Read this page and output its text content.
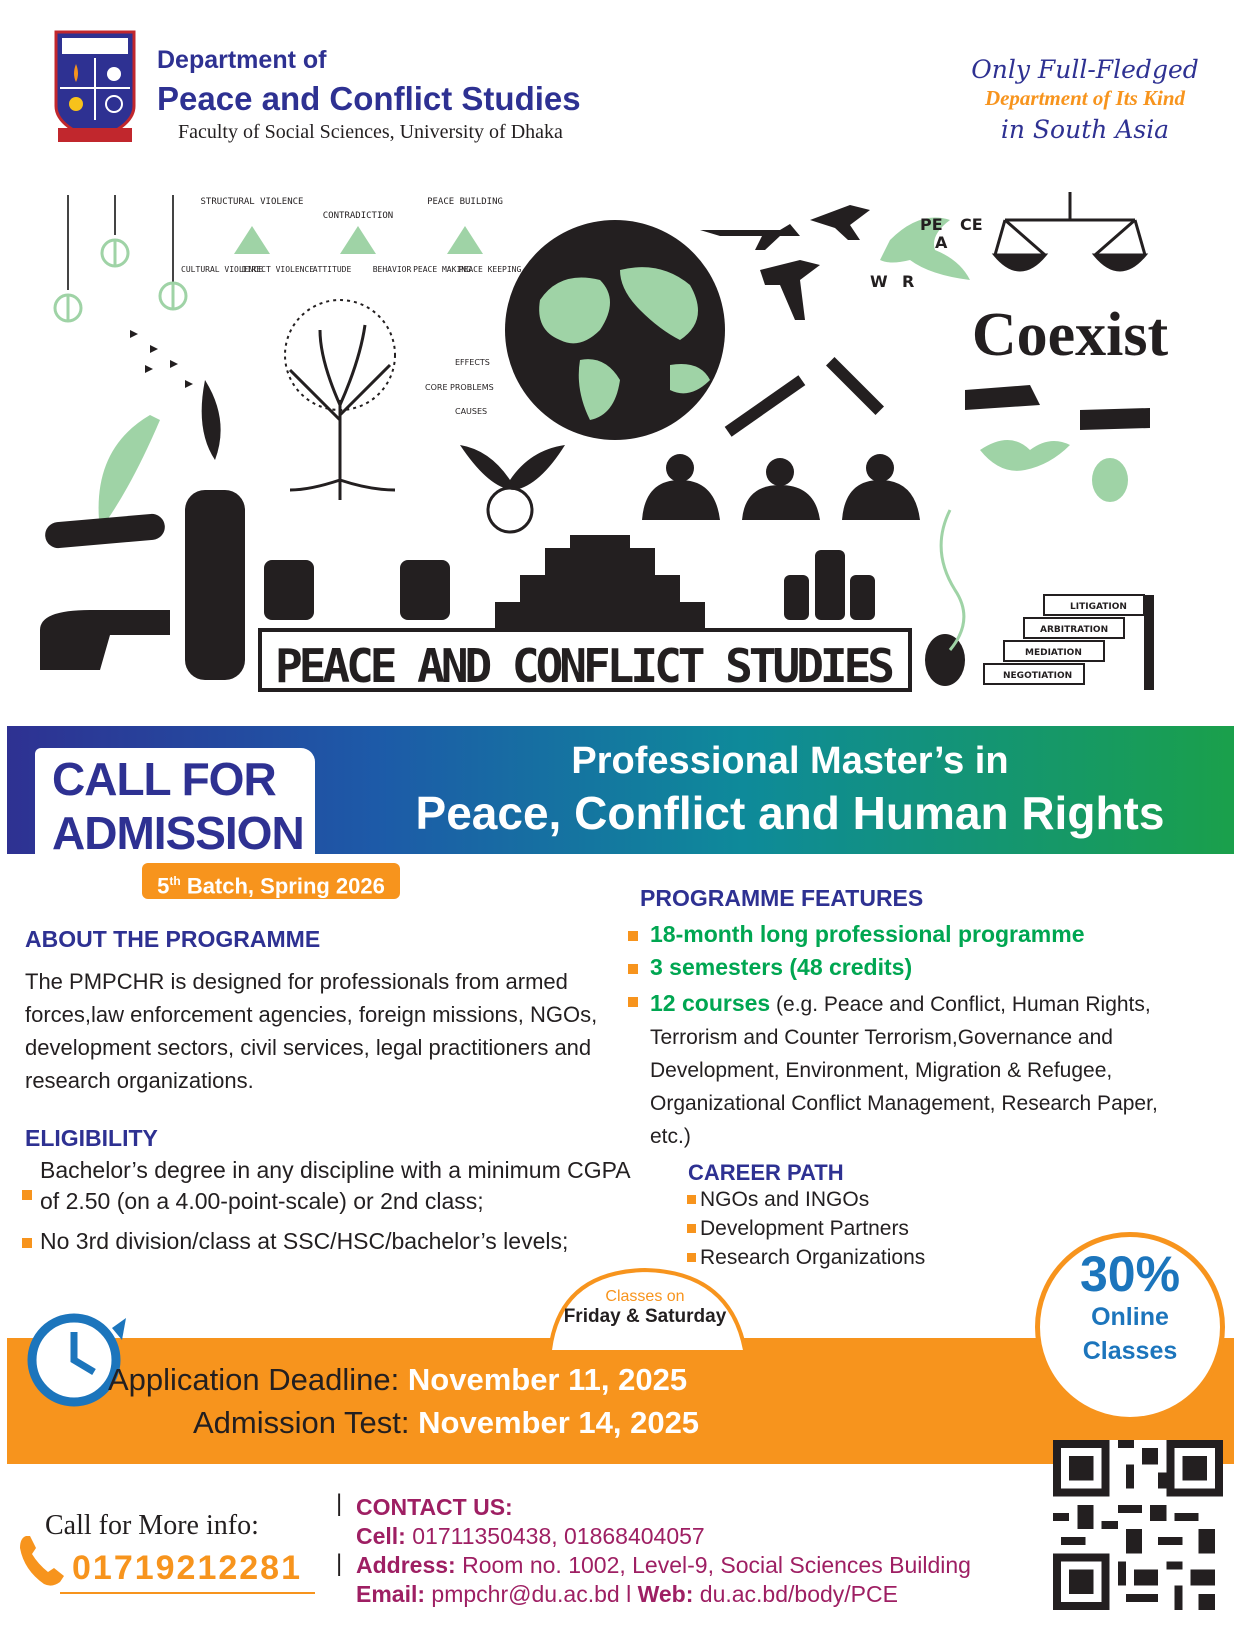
Department of
Peace and Conflict Studies
Faculty of Social Sciences, University of Dhaka
Only Full-Fledged
Department of Its Kind
in South Asia
STRUCTURAL VIOLENCE
CONTRADICTION
PEACE BUILDING
CULTURAL VIOLENCE
DIRECT VIOLENCE
ATTITUDE	BEHAVIOR PEACE MAKING
PEACE KEEPING
EFFECTS
CORE PROBLEMS
CAUSES
PE CE
A
W R
Coexist
PEACE AND CONFLICT STUDIES
LITIGATION
ARBITRATION
MEDIATION
NEGOTIATION
CALL FOR
ADMISSION
Professional Master’s in
Peace, Conflict and Human Rights
5th Batch, Spring 2026
ABOUT THE PROGRAMME
The PMPCHR is designed for professionals from armed forces,law enforcement agencies, foreign missions, NGOs, development sectors, civil services, legal practitioners and research organizations.
ELIGIBILITY
Bachelor’s degree in any discipline with a minimum CGPA of 2.50 (on a 4.00-point-scale) or 2nd class;
No 3rd division/class at SSC/HSC/bachelor’s levels;
PROGRAMME FEATURES
18-month long professional programme
3 semesters (48 credits)
12 courses (e.g. Peace and Conflict, Human Rights, Terrorism and Counter Terrorism,Governance and Development, Environment, Migration & Refugee, Organizational Conflict Management, Research Paper, etc.)
CAREER PATH
NGOs and INGOs
Development Partners
Research Organizations
Classes on
Friday & Saturday
30%
Online
Classes
Application Deadline: November 11, 2025
Admission Test: November 14, 2025
Call for More info:
01719212281
|
|
CONTACT US:
Cell: 01711350438, 01868404057
Address: Room no. 1002, Level-9, Social Sciences Building
Email: pmpchr@du.ac.bd l Web: du.ac.bd/body/PCE
